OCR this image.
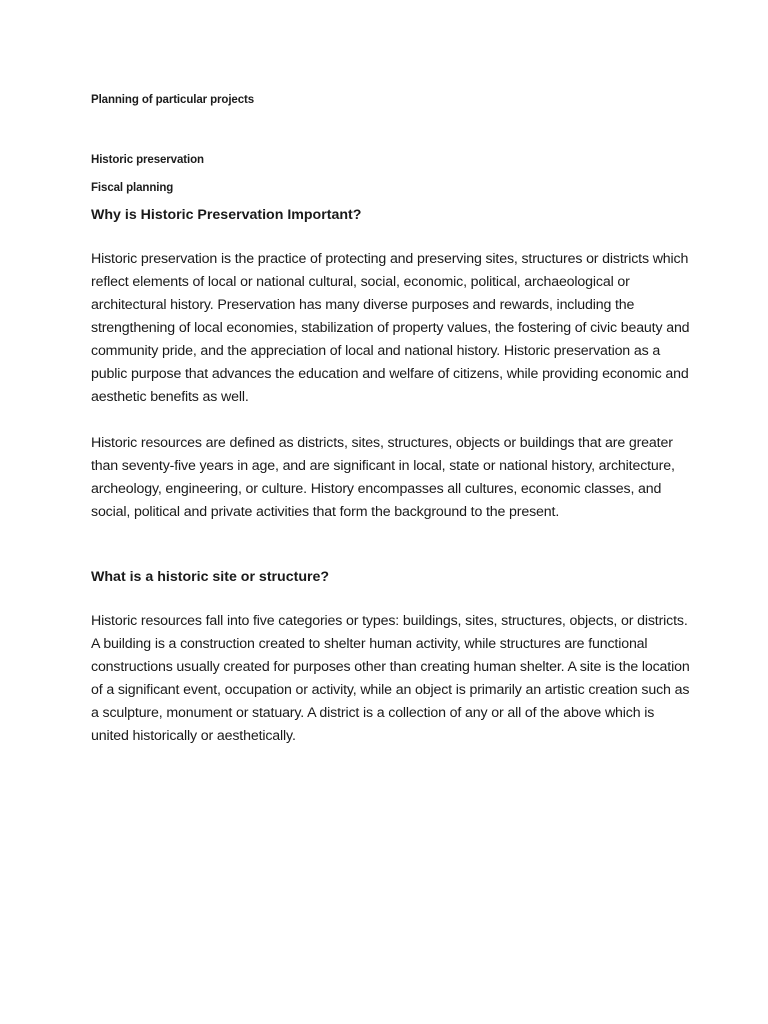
Planning of particular projects

Historic preservation

Fiscal planning

Why is Historic Preservation Important?

Historic preservation is the practice of protecting and preserving sites, structures or districts which reflect elements of local or national cultural, social, economic, political, archaeological or architectural history. Preservation has many diverse purposes and rewards, including the strengthening of local economies, stabilization of property values, the fostering of civic beauty and community pride, and the appreciation of local and national history. Historic preservation as a public purpose that advances the education and welfare of citizens, while providing economic and aesthetic benefits as well.

Historic resources are defined as districts, sites, structures, objects or buildings that are greater than seventy-five years in age, and are significant in local, state or national history, architecture, archeology, engineering, or culture. History encompasses all cultures, economic classes, and social, political and private activities that form the background to the present.

What is a historic site or structure?

Historic resources fall into five categories or types: buildings, sites, structures, objects, or districts. A building is a construction created to shelter human activity, while structures are functional constructions usually created for purposes other than creating human shelter. A site is the location of a significant event, occupation or activity, while an object is primarily an artistic creation such as a sculpture, monument or statuary. A district is a collection of any or all of the above which is united historically or aesthetically.
